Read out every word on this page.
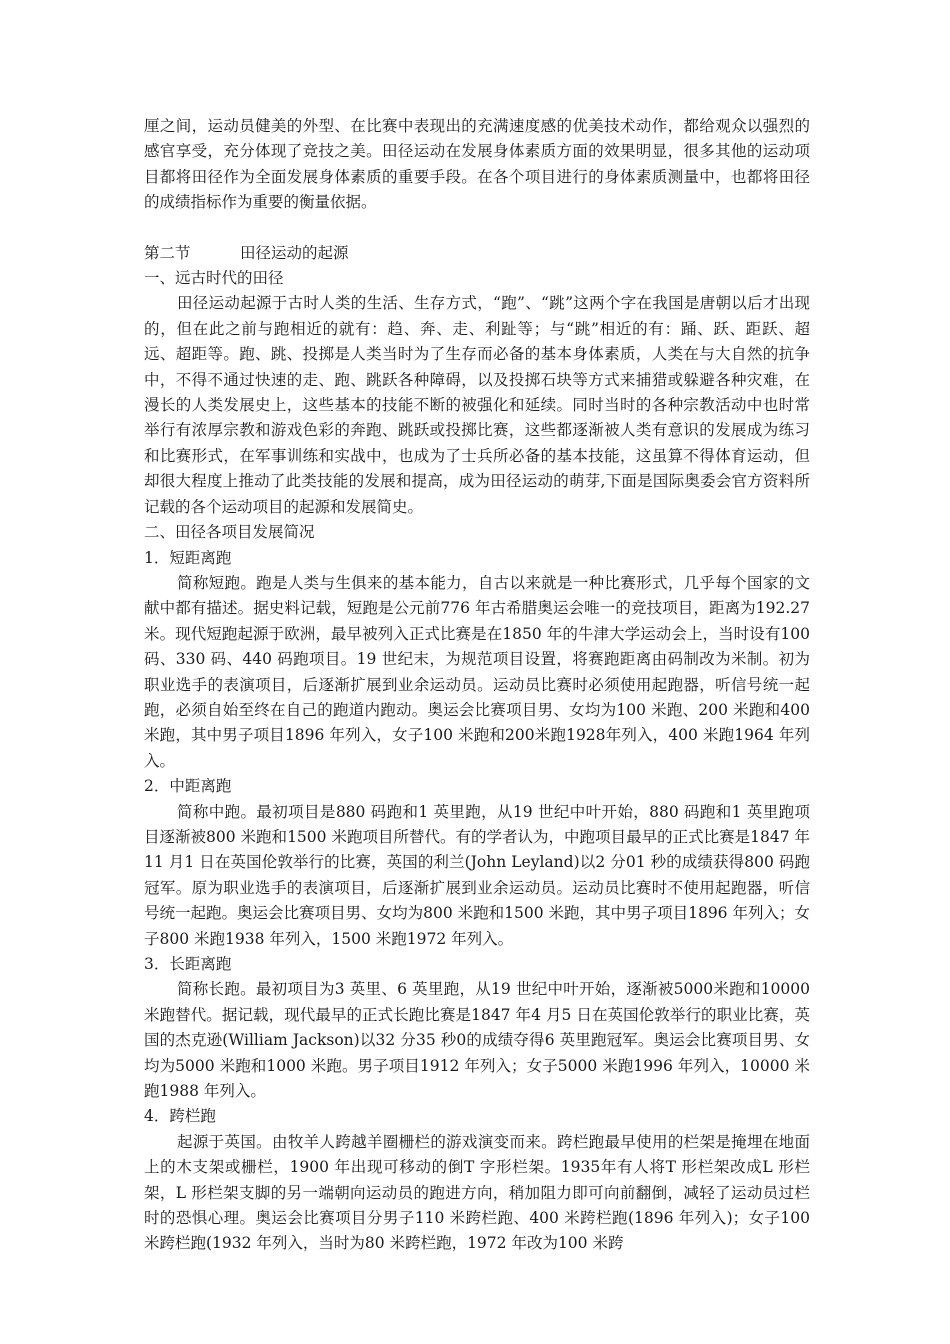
厘之间，运动员健美的外型、在比赛中表现出的充满速度感的优美技术动作，都给观众以强烈的感官享受，充分体现了竞技之美。田径运动在发展身体素质方面的效果明显，很多其他的运动项目都将田径作为全面发展身体素质的重要手段。在各个项目进行的身体素质测量中，也都将田径的成绩指标作为重要的衡量依据。

第二节	田径运动的起源

一、远古时代的田径

田径运动起源于古时人类的生活、生存方式，“跑”、“跳”这两个字在我国是唐朝以后才出现的，但在此之前与跑相近的就有：趋、奔、走、利趾等；与“跳”相近的有：踊、跃、距跃、超远、超距等。跑、跳、投掷是人类当时为了生存而必备的基本身体素质，人类在与大自然的抗争中，不得不通过快速的走、跑、跳跃各种障碍，以及投掷石块等方式来捕猎或躲避各种灾难，在漫长的人类发展史上，这些基本的技能不断的被强化和延续。同时当时的各种宗教活动中也时常举行有浓厚宗教和游戏色彩的奔跑、跳跃或投掷比赛，这些都逐渐被人类有意识的发展成为练习和比赛形式，在军事训练和实战中，也成为了士兵所必备的基本技能，这虽算不得体育运动，但却很大程度上推动了此类技能的发展和提高，成为田径运动的萌芽,下面是国际奥委会官方资料所记载的各个运动项目的起源和发展简史。

二、田径各项目发展简况

1．短距离跑

简称短跑。跑是人类与生俱来的基本能力，自古以来就是一种比赛形式，几乎每个国家的文献中都有描述。据史料记载，短跑是公元前776 年古希腊奥运会唯一的竞技项目，距离为192.27 米。现代短跑起源于欧洲，最早被列入正式比赛是在1850 年的牛津大学运动会上，当时设有100 码、330 码、440 码跑项目。19 世纪末，为规范项目设置，将赛跑距离由码制改为米制。初为职业选手的表演项目，后逐渐扩展到业余运动员。运动员比赛时必须使用起跑器，听信号统一起跑，必须自始至终在自己的跑道内跑动。奥运会比赛项目男、女均为100 米跑、200 米跑和400 米跑，其中男子项目1896 年列入，女子100 米跑和200米跑1928年列入，400 米跑1964 年列入。

2．中距离跑

简称中跑。最初项目是880 码跑和1 英里跑，从19 世纪中叶开始，880 码跑和1 英里跑项目逐渐被800 米跑和1500 米跑项目所替代。有的学者认为，中跑项目最早的正式比赛是1847 年11 月1 日在英国伦敦举行的比赛，英国的利兰(John Leyland)以2 分01 秒的成绩获得800 码跑冠军。原为职业选手的表演项目，后逐渐扩展到业余运动员。运动员比赛时不使用起跑器，听信号统一起跑。奥运会比赛项目男、女均为800 米跑和1500 米跑，其中男子项目1896 年列入；女子800 米跑1938 年列入，1500 米跑1972 年列入。

3．长距离跑

简称长跑。最初项目为3 英里、6 英里跑，从19 世纪中叶开始，逐渐被5000米跑和10000 米跑替代。据记载，现代最早的正式长跑比赛是1847 年4 月5 日在英国伦敦举行的职业比赛，英国的杰克逊(William Jackson)以32 分35 秒0的成绩夺得6 英里跑冠军。奥运会比赛项目男、女均为5000 米跑和1000 米跑。男子项目1912 年列入；女子5000 米跑1996 年列入，10000 米跑1988 年列入。

4．跨栏跑

起源于英国。由牧羊人跨越羊圈栅栏的游戏演变而来。跨栏跑最早使用的栏架是掩埋在地面上的木支架或栅栏，1900 年出现可移动的倒T 字形栏架。1935年有人将T 形栏架改成L 形栏架，L 形栏架支脚的另一端朝向运动员的跑进方向，稍加阻力即可向前翻倒，减轻了运动员过栏时的恐惧心理。奥运会比赛项目分男子110 米跨栏跑、400 米跨栏跑(1896 年列入)；女子100 米跨栏跑(1932 年列入，当时为80 米跨栏跑，1972 年改为100 米跨
